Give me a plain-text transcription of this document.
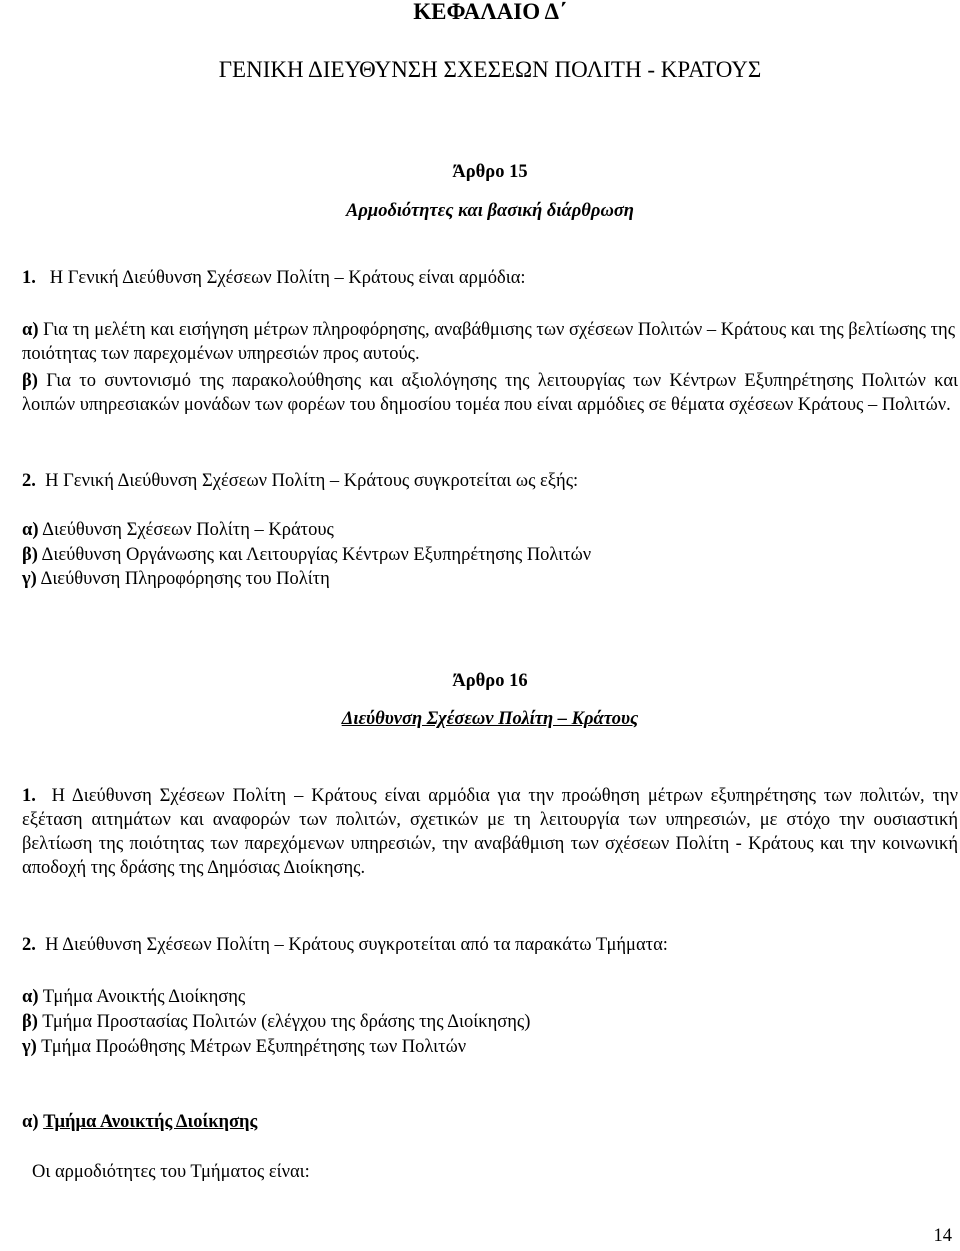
ΚΕΦΑΛΑΙΟ Δ΄
ΓΕΝΙΚΗ ΔΙΕΥΘΥΝΣΗ ΣΧΕΣΕΩΝ ΠΟΛΙΤΗ - ΚΡΑΤΟΥΣ
Άρθρο 15
Αρμοδιότητες και βασική διάρθρωση
1. Η Γενική Διεύθυνση Σχέσεων Πολίτη – Κράτους είναι αρμόδια:
α) Για τη μελέτη και εισήγηση μέτρων πληροφόρησης, αναβάθμισης των σχέσεων Πολιτών – Κράτους και της βελτίωσης της ποιότητας των παρεχομένων υπηρεσιών προς αυτούς.
β) Για το συντονισμό της παρακολούθησης και αξιολόγησης της λειτουργίας των Κέντρων Εξυπηρέτησης Πολιτών και λοιπών υπηρεσιακών μονάδων των φορέων του δημοσίου τομέα που είναι αρμόδιες σε θέματα σχέσεων Κράτους – Πολιτών.
2. Η Γενική Διεύθυνση Σχέσεων Πολίτη – Κράτους συγκροτείται ως εξής:
α) Διεύθυνση Σχέσεων Πολίτη – Κράτους
β) Διεύθυνση Οργάνωσης και Λειτουργίας Κέντρων Εξυπηρέτησης Πολιτών
γ) Διεύθυνση Πληροφόρησης του Πολίτη
Άρθρο 16
Διεύθυνση Σχέσεων Πολίτη – Κράτους
1. Η Διεύθυνση Σχέσεων Πολίτη – Κράτους είναι αρμόδια για την προώθηση μέτρων εξυπηρέτησης των πολιτών, την εξέταση αιτημάτων και αναφορών των πολιτών, σχετικών με τη λειτουργία των υπηρεσιών, με στόχο την ουσιαστική βελτίωση της ποιότητας των παρεχόμενων υπηρεσιών, την αναβάθμιση των σχέσεων Πολίτη - Κράτους και την κοινωνική αποδοχή της δράσης της Δημόσιας Διοίκησης.
2. Η Διεύθυνση Σχέσεων Πολίτη – Κράτους συγκροτείται από τα παρακάτω Τμήματα:
α) Τμήμα Ανοικτής Διοίκησης
β) Τμήμα Προστασίας Πολιτών (ελέγχου της δράσης της Διοίκησης)
γ) Τμήμα Προώθησης Μέτρων Εξυπηρέτησης των Πολιτών
α) Τμήμα Ανοικτής Διοίκησης
Οι αρμοδιότητες του Τμήματος είναι:
14
